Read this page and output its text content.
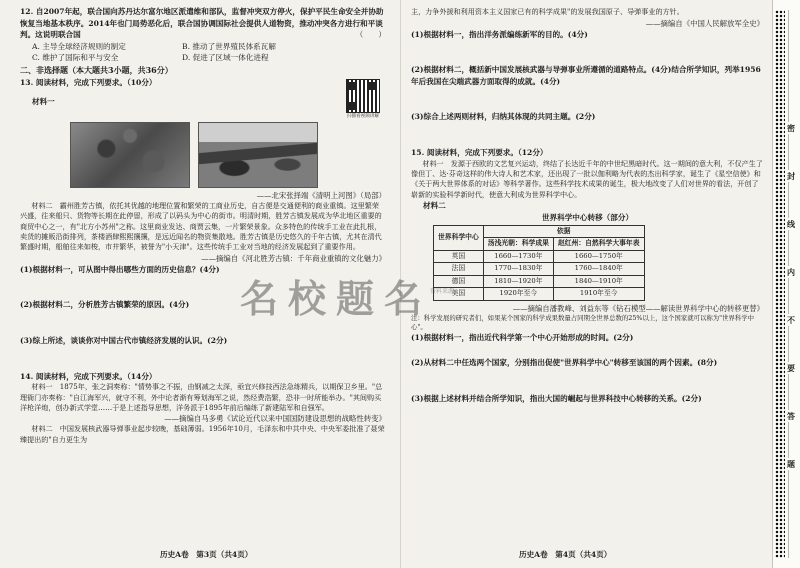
12. 自2007年起，联合国向苏丹达尔富尔地区派遣维和部队，监督冲突双方停火，保护平民生命安全并协助恢复当地基本秩序。2014年也门局势恶化后，联合国协调国际社会提供人道物资，推动冲突各方进行和平谈判。这说明联合国	（　　）

A. 主导全球经济规则的制定	B. 推动了世界殖民体系瓦解
C. 维护了国际和平与安全	D. 促进了区域一体化进程

二、非选择题（本大题共3小题，共36分）

13. 阅读材料，完成下列要求。（10分）

材料一

扫描看视频讲解

——北宋张择端《清明上河图》（局部）

材料二　霸州胜芳古镇，依托其优越的地理位置和繁荣的工商业历史，自古便是交通便利的商业重镇。这里繁荣兴盛，往来船只、货物等长期在此停留，形成了以码头为中心的街市。明清时期，胜芳古镇发展成为华北地区重要的商贸中心之一，有"北方小苏州"之称。这里商业发达、商贾云集，一片繁荣景象。众多特色的传统手工业在此扎根，卖货的摊贩沿街排列，茶楼酒肆熙熙攘攘，是远近闻名的物资集散地。胜芳古镇是历史悠久的千年古镇，尤其在清代繁盛时期，船舶往来如梭，市井繁华，被誉为"小天津"。这些传统手工业对当地的经济发展起到了重要作用。

——摘编自《河北胜芳古镇：千年商业重镇的文化魅力》

(1)根据材料一，可从图中得出哪些方面的历史信息？(4分)

(2)根据材料二，分析胜芳古镇繁荣的原因。(4分)

(3)综上所述，谈谈你对中国古代市镇经济发展的认识。(2分)

14. 阅读材料，完成下列要求。（14分）

材料一　1875年，张之洞奏称："情势事之不振，由钢减之太深，亟宜兴修技西法急练精兵，以期保卫乡里。"总理衙门亦奏称："自江海军兴，就守不利，外中论者渐有筹划海军之说，然经费浩繁，恐非一时所能举办。"其间购买洋枪洋炮，创办新式学堂……于是上述指导思想，洋务派于1895年前后编练了新建陆军和自强军。

——摘编自马多勇《试论近代以来中国国防建设思想的战略性转变》

材料二　中国发展核武器导弹事业起步较晚，基础薄弱。1956年10月，毛泽东和中共中央、中央军委批准了聂荣臻提出的"自力更生为

历史A卷　第3页（共4页）

主，力争外援和利用资本主义国家已有的科学成果"的发展我国原子、导弹事业的方针。

——摘编自《中国人民解放军全史》

(1)根据材料一，指出洋务派编练新军的目的。(4分)

(2)根据材料二，概括新中国发展核武器与导弹事业所遵循的道路特点。(4分)结合所学知识，列举1956年后我国在尖端武器方面取得的成就。(4分)

(3)综合上述两则材料，归纳其体现的共同主题。(2分)

15. 阅读材料，完成下列要求。（12分）

材料一　发源于西欧的文艺复兴运动，终结了长达近千年的中世纪黑暗时代。这一期间的意大利，不仅产生了像但丁、达·芬奇这样的伟大诗人和艺术家，还出现了一批以伽利略为代表的杰出科学家，诞生了《星空信使》和《关于两大世界体系的对话》等科学著作。这些科学技术成果的诞生，极大地改变了人们对世界的看法，开创了崭新的实验科学新时代，使意大利成为世界科学中心。

材料二

世界科学中心转移（部分）

世界科学中心	依据	
	汤浅光朝：科学成果	赵红州：自然科学大事年表
英国	1660—1730年	1660—1750年
法国	1770—1830年	1760—1840年
德国	1810—1920年	1840—1910年
美国	1920年至今	1910年至今

——摘编自潘教峰、刘益东等《钻石模型——解读世界科学中心的转移更替》

注：科学发展的研究者们，如果某个国家的科学成果数量占同期全世界总数的25%以上，这个国家就可以称为"世界科学中心"。

(1)根据材料一，指出近代科学第一个中心开始形成的时间。(2分)

(2)从材料二中任选两个国家，分别指出促使"世界科学中心"转移至该国的两个因素。(8分)

(3)根据上述材料并结合所学知识，指出大国的崛起与世界科技中心转移的关系。(2分)

历史A卷　第4页（共4页）

名校题名
资料来源
密
封
线
内
不
要
答
题
